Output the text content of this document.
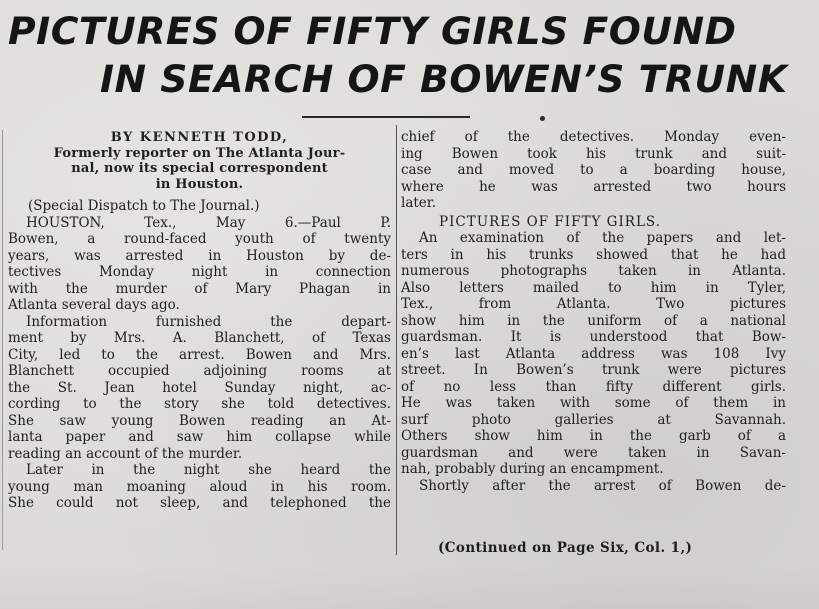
PICTURES OF FIFTY GIRLS FOUND
IN SEARCH OF BOWEN’S TRUNK
BY KENNETH TODD,
Formerly reporter on The Atlanta Jour-
nal, now its special correspondent
in Houston.
(Special Dispatch to The Journal.)
HOUSTON, Tex., May 6.—Paul P.
Bowen, a round-faced youth of twenty
years, was arrested in Houston by de-
tectives Monday night in connection
with the murder of Mary Phagan in
Atlanta several days ago.
Information furnished the depart-
ment by Mrs. A. Blanchett, of Texas
City, led to the arrest. Bowen and Mrs.
Blanchett occupied adjoining rooms at
the St. Jean hotel Sunday night, ac-
cording to the story she told detectives.
She saw young Bowen reading an At-
lanta paper and saw him collapse while
reading an account of the murder.
Later in the night she heard the
young man moaning aloud in his room.
She could not sleep, and telephoned the
chief of the detectives. Monday even-
ing Bowen took his trunk and suit-
case and moved to a boarding house,
where he was arrested two hours
later.
PICTURES OF FIFTY GIRLS.
An examination of the papers and let-
ters in his trunks showed that he had
numerous photographs taken in Atlanta.
Also letters mailed to him in Tyler,
Tex., from Atlanta. Two pictures
show him in the uniform of a national
guardsman. It is understood that Bow-
en’s last Atlanta address was 108 Ivy
street. In Bowen’s trunk were pictures
of no less than fifty different girls.
He was taken with some of them in
surf photo galleries at Savannah.
Others show him in the garb of a
guardsman and were taken in Savan-
nah, probably during an encampment.
Shortly after the arrest of Bowen de-
(Continued on Page Six, Col. 1,)
